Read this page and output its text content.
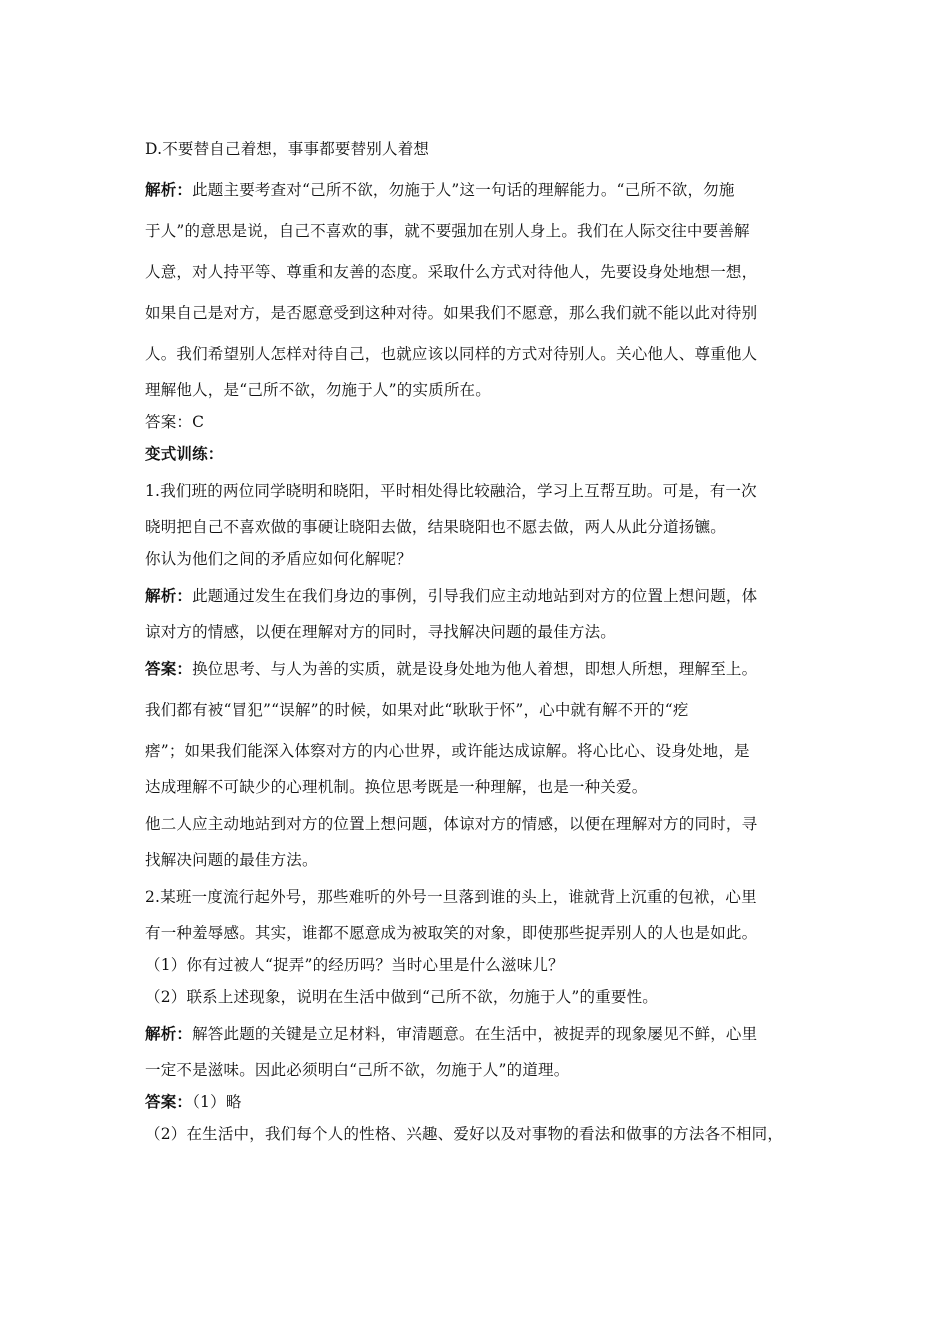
D.不要替自己着想，事事都要替别人着想
解析：此题主要考查对“己所不欲，勿施于人”这一句话的理解能力。“己所不欲，勿施
于人”的意思是说，自己不喜欢的事，就不要强加在别人身上。我们在人际交往中要善解
人意，对人持平等、尊重和友善的态度。采取什么方式对待他人，先要设身处地想一想，
如果自己是对方，是否愿意受到这种对待。如果我们不愿意，那么我们就不能以此对待别
人。我们希望别人怎样对待自己，也就应该以同样的方式对待别人。关心他人、尊重他人
理解他人，是“己所不欲，勿施于人”的实质所在。
答案：C
变式训练：
1.我们班的两位同学晓明和晓阳，平时相处得比较融洽，学习上互帮互助。可是，有一次
晓明把自己不喜欢做的事硬让晓阳去做，结果晓阳也不愿去做，两人从此分道扬镳。
你认为他们之间的矛盾应如何化解呢？
解析：此题通过发生在我们身边的事例，引导我们应主动地站到对方的位置上想问题，体
谅对方的情感，以便在理解对方的同时，寻找解决问题的最佳方法。
答案：换位思考、与人为善的实质，就是设身处地为他人着想，即想人所想，理解至上。
我们都有被“冒犯”“误解”的时候，如果对此“耿耿于怀”，心中就有解不开的“疙
瘩”；如果我们能深入体察对方的内心世界，或许能达成谅解。将心比心、设身处地，是
达成理解不可缺少的心理机制。换位思考既是一种理解，也是一种关爱。
他二人应主动地站到对方的位置上想问题，体谅对方的情感，以便在理解对方的同时，寻
找解决问题的最佳方法。
2.某班一度流行起外号，那些难听的外号一旦落到谁的头上，谁就背上沉重的包袱，心里
有一种羞辱感。其实，谁都不愿意成为被取笑的对象，即使那些捉弄别人的人也是如此。
（1）你有过被人“捉弄”的经历吗？当时心里是什么滋味儿？
（2）联系上述现象，说明在生活中做到“己所不欲，勿施于人”的重要性。
解析：解答此题的关键是立足材料，审清题意。在生活中，被捉弄的现象屡见不鲜，心里
一定不是滋味。因此必须明白“己所不欲，勿施于人”的道理。
答案：（1）略
（2）在生活中，我们每个人的性格、兴趣、爱好以及对事物的看法和做事的方法各不相同，
